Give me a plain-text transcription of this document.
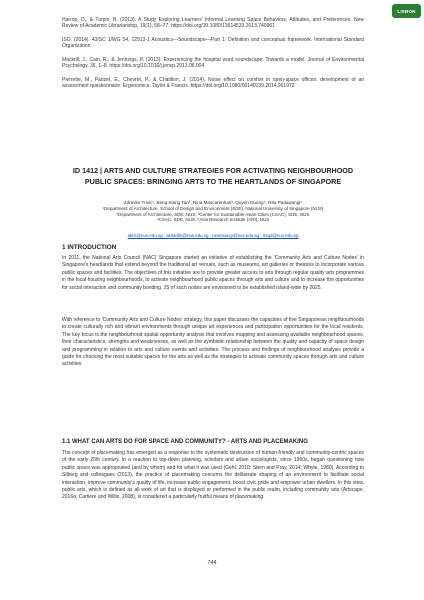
LISBON

Harrop, D., & Turpin, B. (2013). A Study Exploring Learners' Informal Learning Space Behaviors, Attitudes, and Preferences. New Review of Academic Librarianship, 19(1), 58–77. https://doi.org/10.1080/13614533.2013.740961

ISO. (2014). 43/SC 1/WG 54, 12913-1 Acoustics—Soundscape—Part 1: Definition and conceptual framework. International Standard Organization.

Mackrill, J., Cain, R., & Jennings, P. (2013). Experiencing the hospital ward soundscape: Towards a model. Journal of Environmental Psychology, 36, 1–8. https://doi.org/10.1016/j.jenvp.2013.06.004

Pierrette, M., Parizet, E., Chevret, P., & Chatillon, J. (2014). Noise effect on comfort in open-space offices: development of an assessment questionnaire. Ergonomics. Taylor & Francis. https://doi.org/10.1080/00140139.2014.961972

ID 1412 | ARTS AND CULTURE STRATEGIES FOR ACTIVATING NEIGHBOURHOOD PUBLIC SPACES: BRINGING ARTS TO THE HEARTLANDS OF SINGAPORE
Zdravko Trivic¹, Beng Kiang Tan², Nina Mascarenhas³, Quyen Duong⁴, Rita Padawangi⁵
¹Department of Architecture, School of Design and Environment (SDE), National University of Singapore (NUS)
²Department of Architecture, SDE, NUS; ³Center for Sustainable Asian Cities (CSAC), SDE, NUS
⁴CSAC, SDE, NUS; ⁵Asia Research Institute (ARI), NUS
akizt@nus.edu.sg ; akitanbk@nus.edu.sg ; ninamascy@nus.edu.sg ; rtsqd@nus.edu.sg
1 INTRODUCTION

In 2011, the National Arts Council (NAC) Singapore started an initiative of establishing the 'Community Arts and Culture Nodes' in Singapore's heartlands that extend beyond the traditional art venues, such as museums, art galleries or theatres to incorporate various public spaces and facilities. The objectives of this initiative are to provide greater access to arts through regular quality arts programmes in the local housing neighbourhoods, to activate neighbourhood public spaces through arts and culture and to increase the opportunities for social interaction and community bonding. 25 of such nodes are envisioned to be established island-wide by 2025.

With reference to 'Community Arts and Culture Nodes' strategy, this paper discusses the capacities of five Singaporean neighbourhoods to create culturally rich and vibrant environments through unique art experiences and participation opportunities for the local residents. The key focus is the neighbourhood spatial opportunity analysis that involves mapping and assessing available neighbourhood spaces, their characteristics, strengths and weaknesses, as well as the symbiotic relationship between the quality and capacity of space design and programming in relation to arts and culture events and activities. The process and findings of neighbourhood analysis provide a guide for choosing the most suitable spaces for the arts as well as the strategies to activate community spaces through arts and culture activities.

1.1 WHAT CAN ARTS DO FOR SPACE AND COMMUNITY? - ARTS AND PLACEMAKING

The concept of placemaking has emerged as a response to the systematic destruction of human-friendly and community-centric spaces of the early 20th century. In a reaction to top-down planning, scholars and urban sociologists, since 1960s, began questioning how public space was appropriated (and by whom) and for what it was used (Gehl, 2010; Stern and Pray, 2014; Whyte, 1980). According to Silberg and colleagues (2013), the practice of placemaking concerns the deliberate shaping of an environment to facilitate social interaction, improve community's quality of life, increase public engagement, boost civic pride and empower urban dwellers. In this view, public arts, which is defined as all work of art that is displayed or performed in the public realm, including community arts (Artscape, 2016a; Cartiere and Willis, 2008), is considered a particularly fruitful means of placemaking.

744
